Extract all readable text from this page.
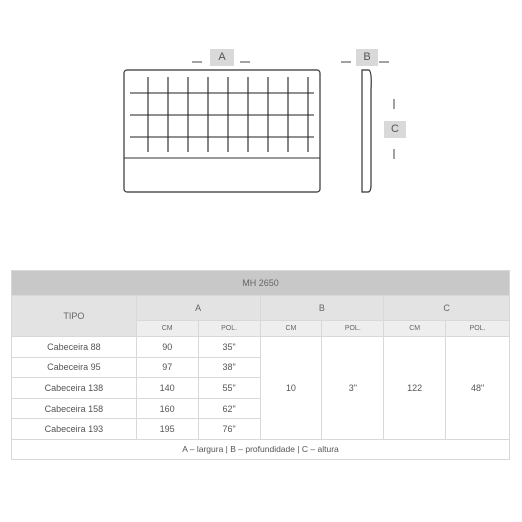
A	B
C
MH 2650						
TIPO	A		B		C	
	CM	POL.	CM	POL.	CM	POL.
Cabeceira 88	90	35"	10	3"	122	48"
Cabeceira 95	97	38"				
Cabeceira 138	140	55"				
Cabeceira 158	160	62"				
Cabeceira 193	195	76"				
A – largura | B – profundidade | C – altura						
